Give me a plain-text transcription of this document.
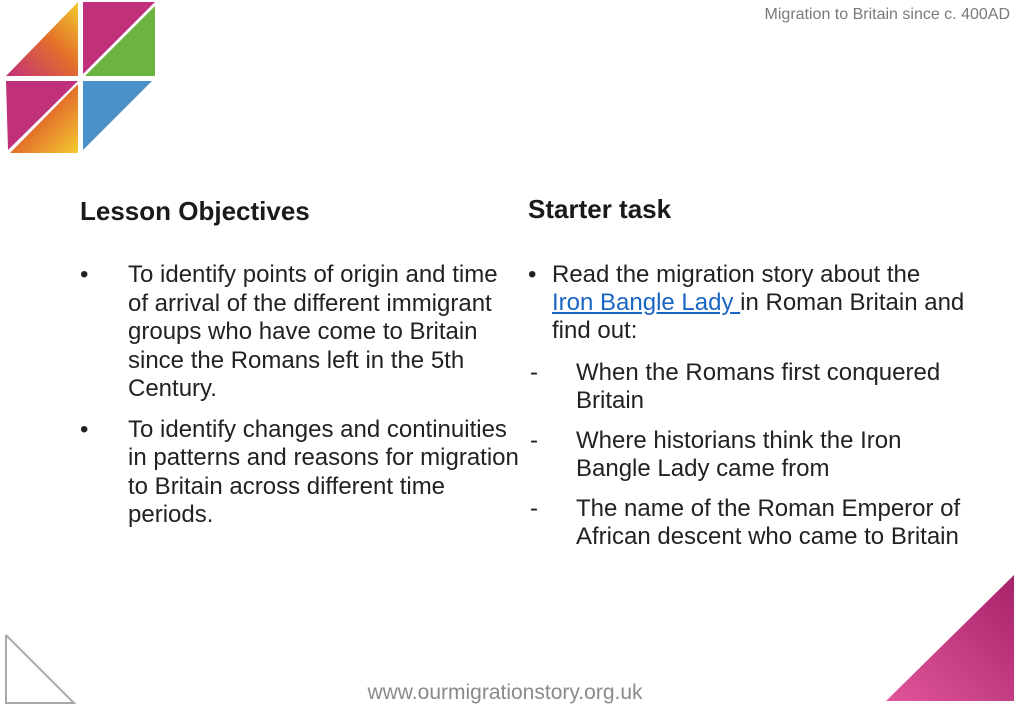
Migration to Britain since c. 400AD
Lesson Objectives
•	To identify points of origin and time of arrival of the different immigrant groups who have come to Britain since the Romans left in the 5th Century.
•	To identify changes and continuities in patterns and reasons for migration to Britain across different time periods.
Starter task
• Read the migration story about the Iron Bangle Lady in Roman Britain and find out:
- When the Romans first conquered Britain
- Where historians think the Iron Bangle Lady came from
- The name of the Roman Emperor of African descent who came to Britain
www.ourmigrationstory.org.uk
